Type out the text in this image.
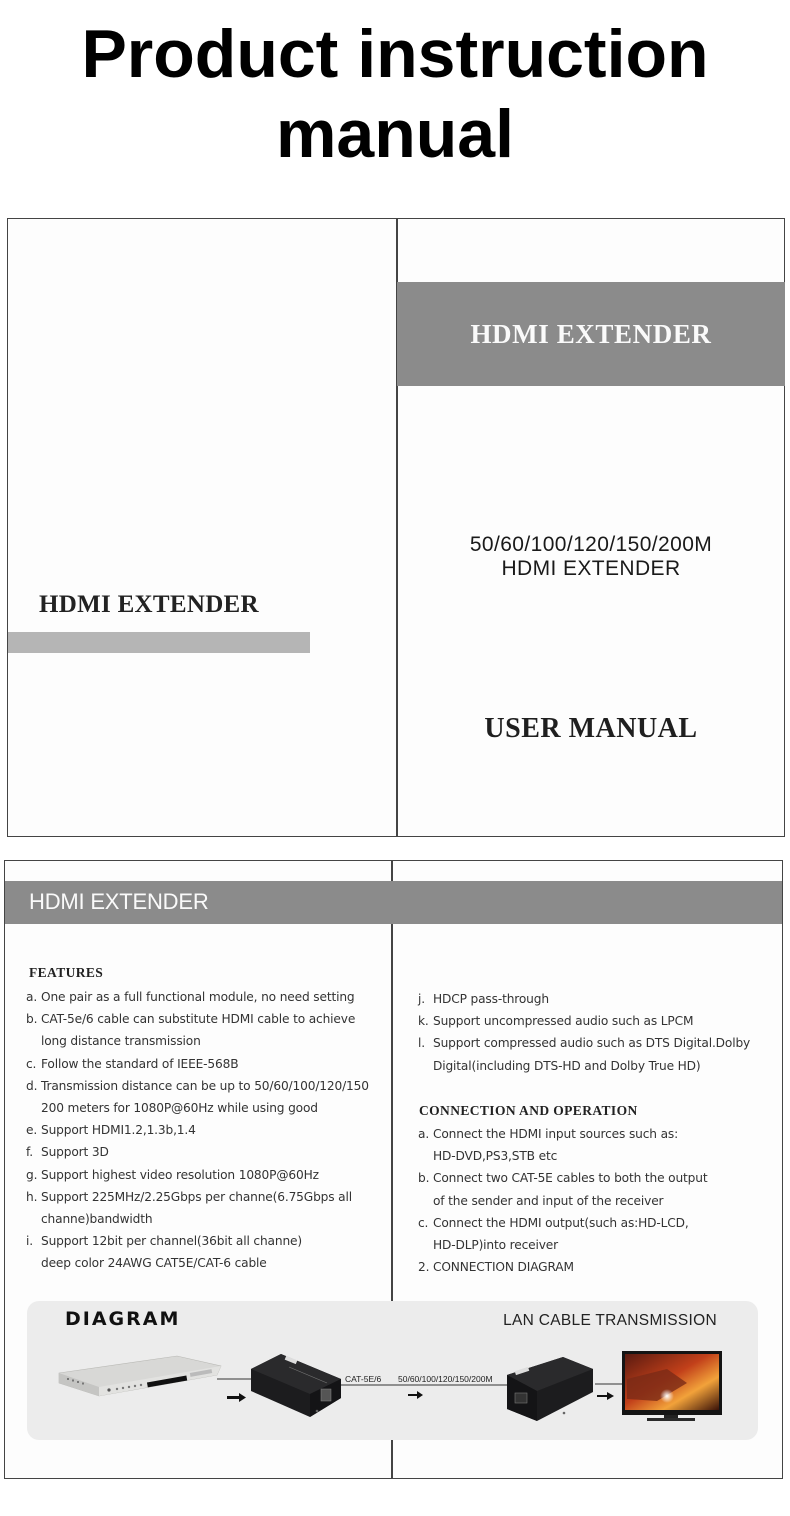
Product instruction
manual
HDMI EXTENDER
HDMI EXTENDER
50/60/100/120/150/200M
HDMI EXTENDER
USER MANUAL
HDMI EXTENDER
FEATURES
a. One pair as a full functional module, no need setting
b. CAT-5e/6 cable can substitute HDMI cable to achieve
long distance transmission
c. Follow the standard of IEEE-568B
d. Transmission distance can be up to 50/60/100/120/150
200 meters for 1080P@60Hz while using good
e. Support HDMI1.2,1.3b,1.4
f. Support 3D
g. Support highest video resolution 1080P@60Hz
h. Support 225MHz/2.25Gbps per channe(6.75Gbps all
channe)bandwidth
i. Support 12bit per channel(36bit all channe)
deep color 24AWG CAT5E/CAT-6 cable
j. HDCP pass-through
k. Support uncompressed audio such as LPCM
l. Support compressed audio such as DTS Digital.Dolby
Digital(including DTS-HD and Dolby True HD)
CONNECTION AND OPERATION
a. Connect the HDMI input sources such as:
HD-DVD,PS3,STB etc
b. Connect two CAT-5E cables to both the output
of the sender and input of the receiver
c. Connect the HDMI output(such as:HD-LCD,
HD-DLP)into receiver
2. CONNECTION DIAGRAM
DIAGRAM	LAN CABLE TRANSMISSION
CAT-5E/6 50/60/100/120/150/200M
